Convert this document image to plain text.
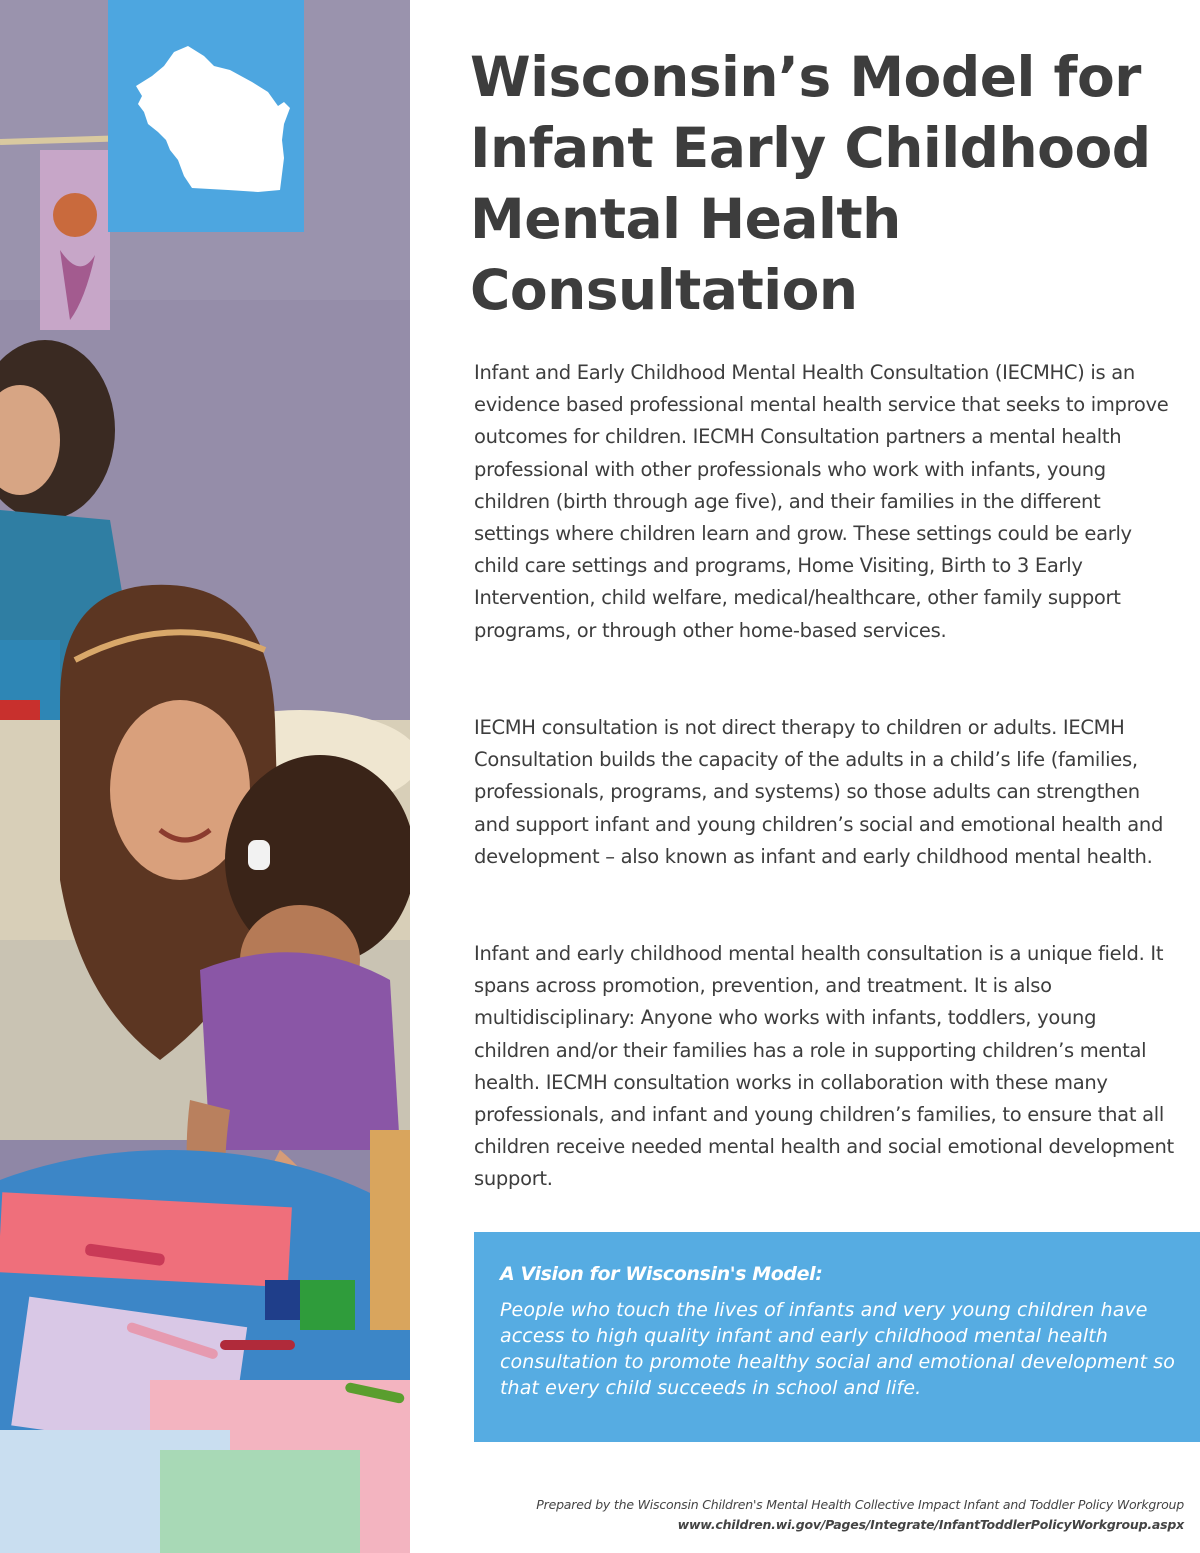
Wisconsin’s Model for Infant Early Childhood Mental Health Consultation

Infant and Early Childhood Mental Health Consultation (IECMHC) is an evidence based professional mental health service that seeks to improve outcomes for children. IECMH Consultation partners a mental health professional with other professionals who work with infants, young children (birth through age five), and their families in the different settings where children learn and grow. These settings could be early child care settings and programs, Home Visiting, Birth to 3 Early Intervention, child welfare, medical/healthcare, other family support programs, or through other home-based services.

IECMH consultation is not direct therapy to children or adults. IECMH Consultation builds the capacity of the adults in a child’s life (families, professionals, programs, and systems) so those adults can strengthen and support infant and young children’s social and emotional health and development – also known as infant and early childhood mental health.

Infant and early childhood mental health consultation is a unique field. It spans across promotion, prevention, and treatment. It is also multidisciplinary: Anyone who works with infants, toddlers, young children and/or their families has a role in supporting children’s mental health. IECMH consultation works in collaboration with these many professionals, and infant and young children’s families, to ensure that all children receive needed mental health and social emotional development support.

A Vision for Wisconsin's Model:

People who touch the lives of infants and very young children have access to high quality infant and early childhood mental health consultation to promote healthy social and emotional development so that every child succeeds in school and life.

Prepared by the Wisconsin Children's Mental Health Collective Impact Infant and Toddler Policy Workgroup

www.children.wi.gov/Pages/Integrate/InfantToddlerPolicyWorkgroup.aspx
